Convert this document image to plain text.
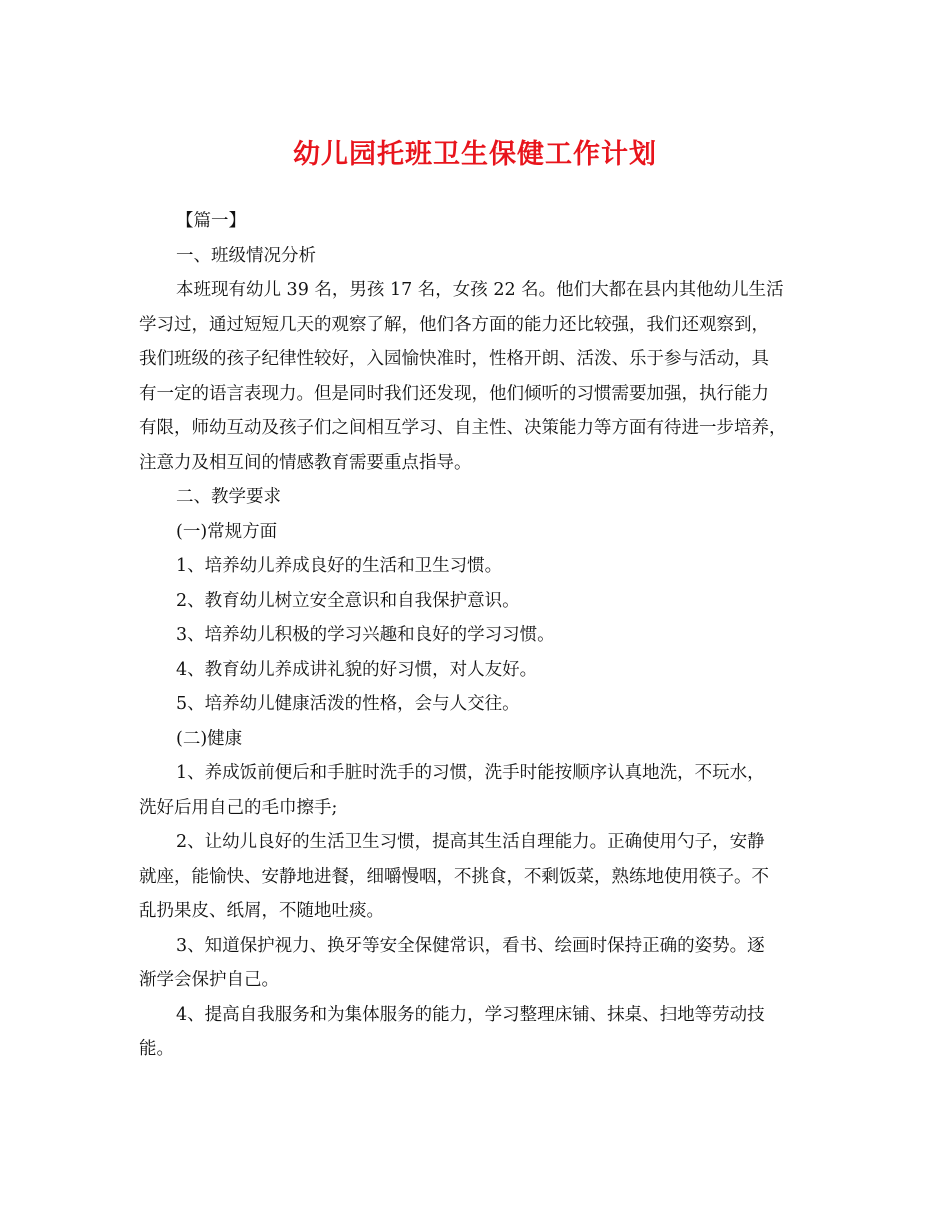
幼儿园托班卫生保健工作计划

【篇一】

一、班级情况分析

本班现有幼儿 39 名，男孩 17 名，女孩 22 名。他们大都在县内其他幼儿生活
学习过，通过短短几天的观察了解，他们各方面的能力还比较强，我们还观察到，
我们班级的孩子纪律性较好，入园愉快准时，性格开朗、活泼、乐于参与活动，具
有一定的语言表现力。但是同时我们还发现，他们倾听的习惯需要加强，执行能力
有限，师幼互动及孩子们之间相互学习、自主性、决策能力等方面有待进一步培养，
注意力及相互间的情感教育需要重点指导。

二、教学要求

(一)常规方面

1、培养幼儿养成良好的生活和卫生习惯。

2、教育幼儿树立安全意识和自我保护意识。

3、培养幼儿积极的学习兴趣和良好的学习习惯。

4、教育幼儿养成讲礼貌的好习惯，对人友好。

5、培养幼儿健康活泼的性格，会与人交往。

(二)健康

1、养成饭前便后和手脏时洗手的习惯，洗手时能按顺序认真地洗，不玩水，
洗好后用自己的毛巾擦手;

2、让幼儿良好的生活卫生习惯，提高其生活自理能力。正确使用勺子，安静
就座，能愉快、安静地进餐，细嚼慢咽，不挑食，不剩饭菜，熟练地使用筷子。不
乱扔果皮、纸屑，不随地吐痰。

3、知道保护视力、换牙等安全保健常识，看书、绘画时保持正确的姿势。逐
渐学会保护自己。

4、提高自我服务和为集体服务的能力，学习整理床铺、抹桌、扫地等劳动技
能。
